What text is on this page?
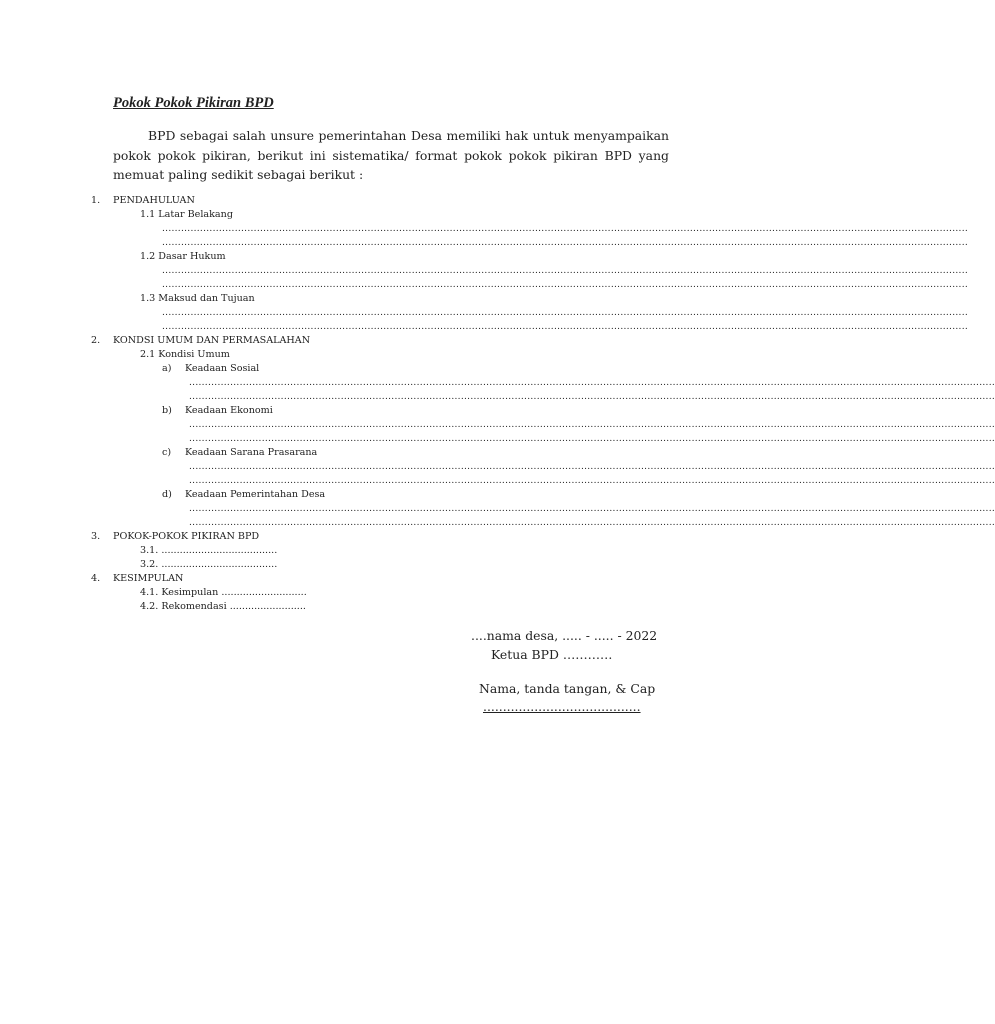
Pokok Pokok Pikiran BPD
BPD sebagai salah unsure pemerintahan Desa memiliki hak untuk menyampaikan pokok pokok pikiran, berikut ini sistematika/ format pokok pokok pikiran BPD yang memuat paling sedikit sebagai berikut :
1. PENDAHULUAN
1.1 Latar Belakang
...............................................................................................................................................................................................................................................................
...............................................................................................................................................................................................................................................................
1.2 Dasar Hukum
...............................................................................................................................................................................................................................................................
...............................................................................................................................................................................................................................................................
1.3 Maksud dan Tujuan
...............................................................................................................................................................................................................................................................
...............................................................................................................................................................................................................................................................
2. KONDSI UMUM DAN PERMASALAHAN
2.1 Kondisi Umum
a) Keadaan Sosial
...............................................................................................................................................................................................................................................................
...............................................................................................................................................................................................................................................................
b) Keadaan Ekonomi
...............................................................................................................................................................................................................................................................
...............................................................................................................................................................................................................................................................
c) Keadaan Sarana Prasarana
...............................................................................................................................................................................................................................................................
...............................................................................................................................................................................................................................................................
d) Keadaan Pemerintahan Desa
...............................................................................................................................................................................................................................................................
...............................................................................................................................................................................................................................................................
3. POKOK-POKOK PIKIRAN BPD
3.1. ......................................
3.2. ......................................
4. KESIMPULAN
4.1. Kesimpulan ............................
4.2. Rekomendasi .........................
....nama desa, ..... - ..... - 2022
Ketua BPD …………
Nama, tanda tangan, & Cap
........................................
